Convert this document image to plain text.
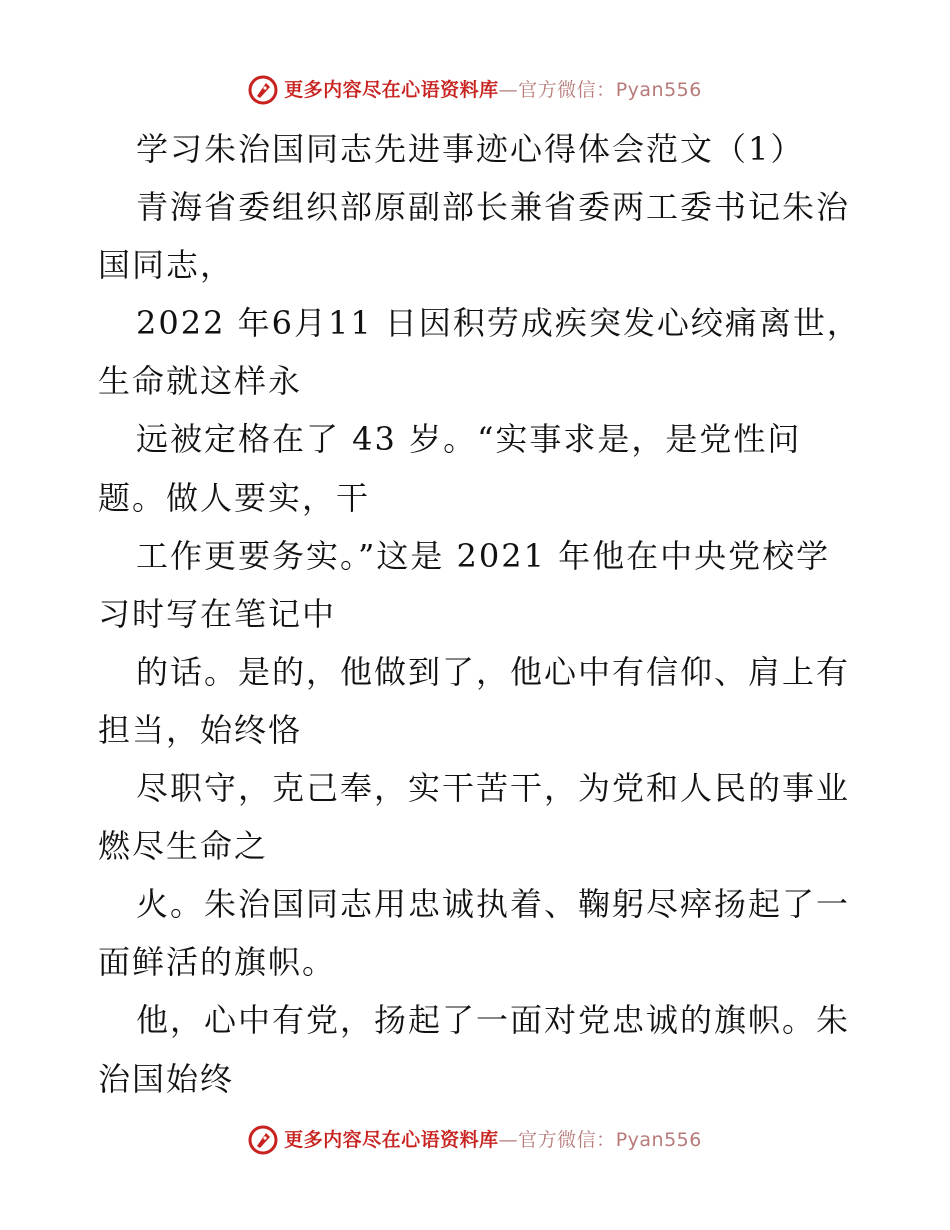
更多内容尽在心语资料库—官方微信：Pyan556
学习朱治国同志先进事迹心得体会范文（1）
青海省委组织部原副部长兼省委两工委书记朱治
国同志，
2022 年6月11 日因积劳成疾突发心绞痛离世，
生命就这样永
远被定格在了 43 岁。“实事求是，是党性问
题。做人要实，干
工作更要务实。”这是 2021 年他在中央党校学
习时写在笔记中
的话。是的，他做到了，他心中有信仰、肩上有
担当，始终恪
尽职守，克己奉，实干苦干，为党和人民的事业
燃尽生命之
火。朱治国同志用忠诚执着、鞠躬尽瘁扬起了一
面鲜活的旗帜。
他，心中有党，扬起了一面对党忠诚的旗帜。朱
治国始终
更多内容尽在心语资料库—官方微信：Pyan556
